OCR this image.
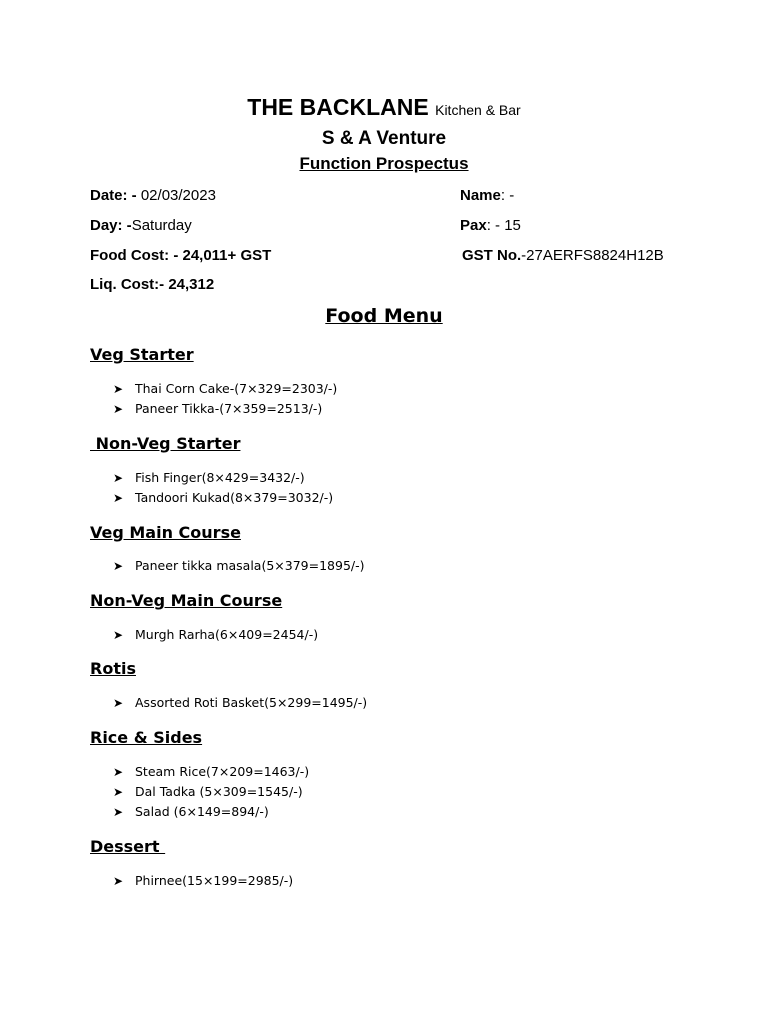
THE BACKLANE Kitchen & Bar
S & A Venture
Function Prospectus
Date: - 02/03/2023
Day: -Saturday
Food Cost: - 24,011+ GST
Liq. Cost:- 24,312
Name: -
Pax: - 15
GST No.-27AERFS8824H12B
Food Menu
Veg Starter
➤ Thai Corn Cake-(7×329=2303/-)
➤ Paneer Tikka-(7×359=2513/-)
Non-Veg Starter
➤ Fish Finger(8×429=3432/-)
➤ Tandoori Kukad(8×379=3032/-)
Veg Main Course
➤ Paneer tikka masala(5×379=1895/-)
Non-Veg Main Course
➤ Murgh Rarha(6×409=2454/-)
Rotis
➤ Assorted Roti Basket(5×299=1495/-)
Rice & Sides
➤ Steam Rice(7×209=1463/-)
➤ Dal Tadka (5×309=1545/-)
➤ Salad (6×149=894/-)
Dessert
➤ Phirnee(15×199=2985/-)
